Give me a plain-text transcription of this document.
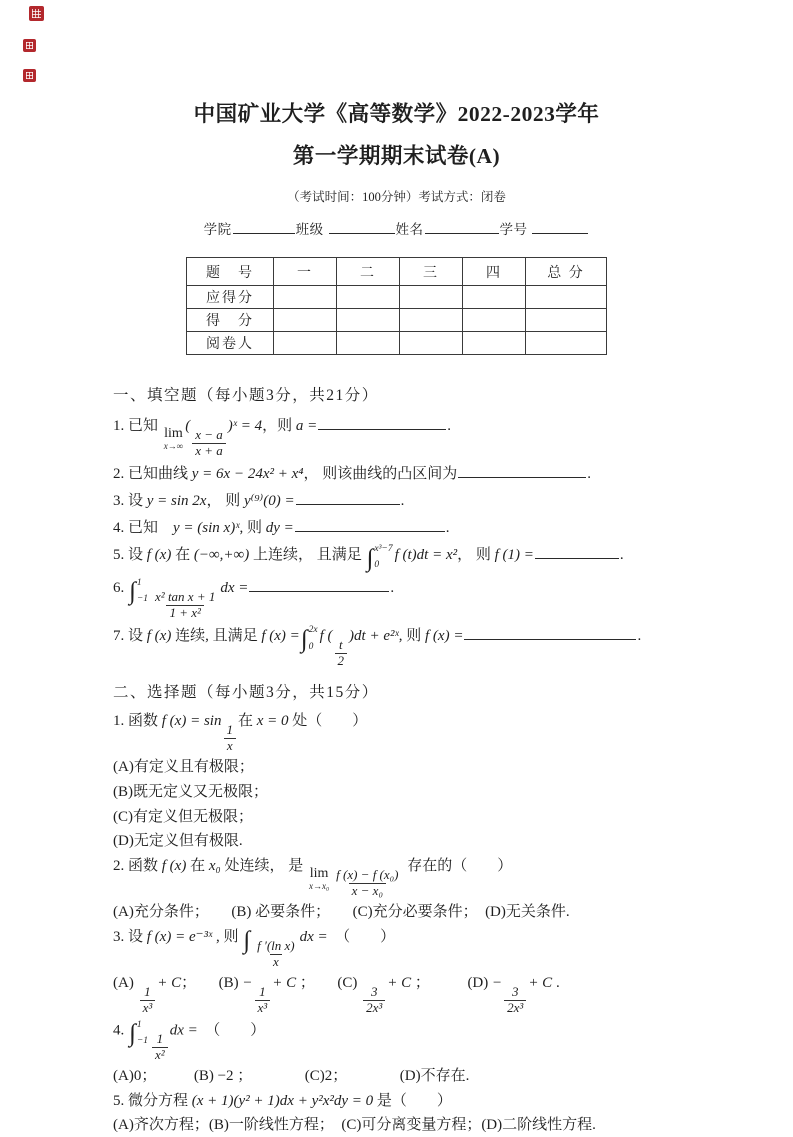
中国矿业大学《高等数学》2022-2023学年
第一学期期末试卷(A)
（考试时间：100分钟）考试方式：闭卷
学院	班级	姓名	学号
题　号	一	二	三	四	总 分
应得分					
得　分					
阅卷人					
一、填空题（每小题3分，共21分）
1. 已知 lim
x→∞
(
$\frac{x - a}{x + a}$
)ˣ = 4，则 a =	.
2. 已知曲线 y = 6x − 24x² + x⁴， 则该曲线的凸区间为	.
3. 设 y = sin 2x， 则 y⁽⁹⁾(0) =	.
4. 已知　y = (sin x)ˣ, 则 dy =	.
5. 设 f (x) 在 (−∞,+∞) 上连续， 且满足 ∫ x³−7
0
f (t)dt = x²， 则 f (1) =	.
6. ∫ 1
$-1 \frac{\text{x² tan x + 1}}{\text{1 + x²}}$
dx =	.
7. 设 f (x) 连续, 且满足 f (x) = ∫ 2x
0
f (
$\frac{t}{2}$
)dt + e²ˣ, 则 f (x) =	.
二、选择题（每小题3分，共15分）
1. 函数 f (x) = sin
$\frac{1}{x}$
在 x = 0 处（　　）
(A)有定义且有极限；
(B)既无定义又无极限；
(C)有定义但无极限；
(D)无定义但有极限.
2. 函数 f (x) 在 x₀ 处连续， 是 lim
$x\to x_0 \frac{\text{f (x) − f (x₀)}}{\text{x − x₀}}$
存在的（　　）
(A)充分条件；　　(B) 必要条件；　　(C)充分必要条件；　(D)无关条件.
3. 设 f (x) = e⁻³ˣ , 则 ∫ $\frac{\text{f ′(ln x)}}{x}$
dx =　（　　）
(A)
$\frac{1}{\text{x³}}$
+ C；　　(B) −
$\frac{1}{\text{x³}}$
+ C ；　　(C)
$\frac{3}{\text{2x³}}$
+ C ；　　　(D) −
$\frac{3}{\text{2x³}}$
+ C .
4. ∫ 1
$-1 \frac{1}{\text{x²}}$
dx =　（　　）
(A)0；　　　(B) −2 ；　　　　(C)2；　　　　(D)不存在.
5. 微分方程 (x + 1)(y² + 1)dx + y²x²dy = 0 是（　　）
(A)齐次方程；(B)一阶线性方程；　(C)可分离变量方程；(D)二阶线性方程.
